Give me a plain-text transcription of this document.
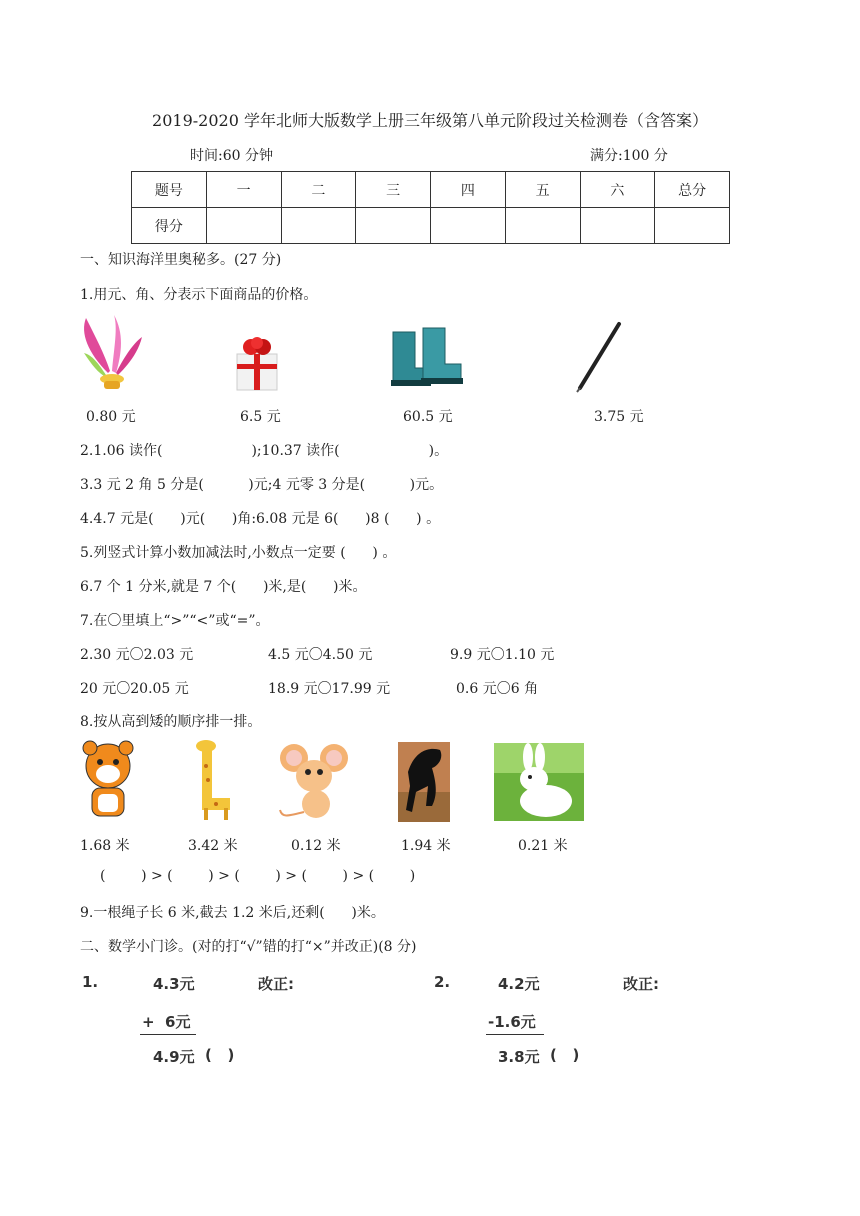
2019-2020 学年北师大版数学上册三年级第八单元阶段过关检测卷（含答案）
时间:60 分钟	满分:100 分
题号	一	二	三	四	五	六	总分
得分							
一、知识海洋里奥秘多。(27 分)
1.用元、角、分表示下面商品的价格。
0.80 元	6.5 元	60.5 元	3.75 元
2.1.06 读作(                    );10.37 读作(                    )。
3.3 元 2 角 5 分是(          )元;4 元零 3 分是(          )元。
4.4.7 元是(      )元(      )角:6.08 元是 6(      )8 (      ) 。
5.列竖式计算小数加减法时,小数点一定要 (      ) 。
6.7 个 1 分米,就是 7 个(      )米,是(      )米。
7.在〇里填上“>”“<”或“=”。
2.30 元〇2.03 元	4.5 元〇4.50 元	9.9 元〇1.10 元
20 元〇20.05 元	18.9 元〇17.99 元	0.6 元〇6 角
8.按从高到矮的顺序排一排。
1.68 米	3.42 米	0.12 米	1.94 米	0.21 米
(        ) > (        ) > (        ) > (        ) > (        )
9.一根绳子长 6 米,截去 1.2 米后,还剩(      )米。
二、数学小门诊。(对的打“√”错的打“×”并改正)(8 分)
1.	4.3元	改正:
+  6元
4.9元 (   )
2.	4.2元	改正:
-1.6元
3.8元 (   )
